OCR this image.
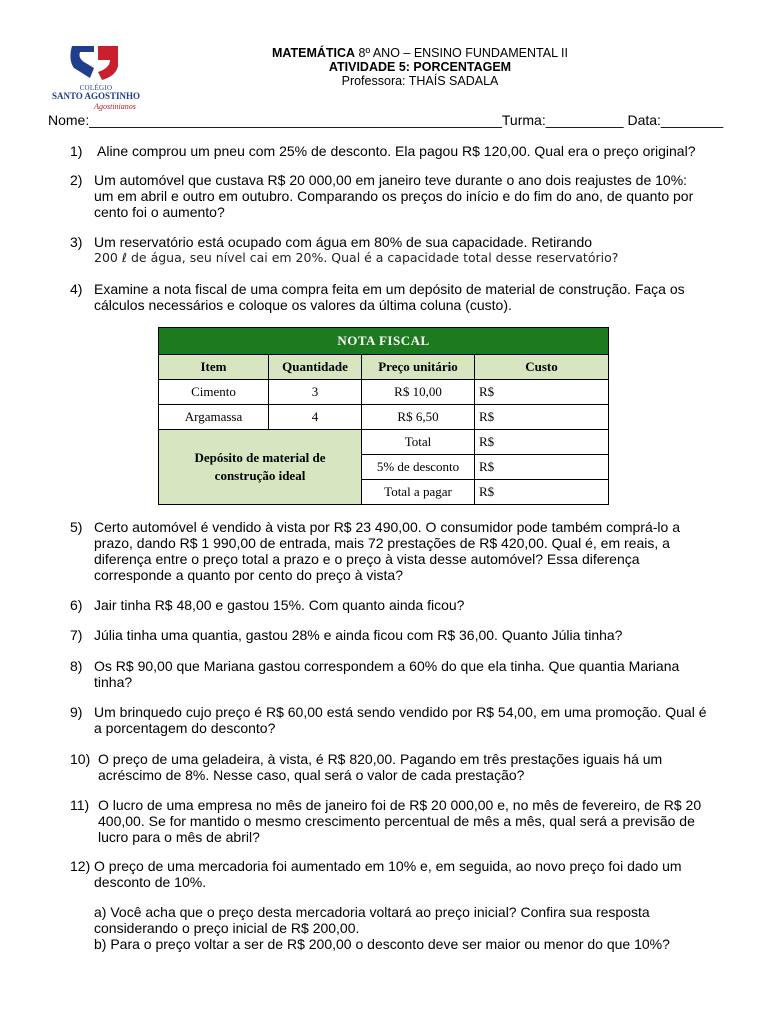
COLÉGIO
SANTO AGOSTINHO
Agostinianos
MATEMÁTICA 8º ANO – ENSINO FUNDAMENTAL II
ATIVIDADE 5: PORCENTAGEM
Professora: THAÍS SADALA
Nome:_____________________________________________________Turma:__________ Data:________
1) Aline comprou um pneu com 25% de desconto. Ela pagou R$ 120,00. Qual era o preço original?
2) Um automóvel que custava R$ 20 000,00 em janeiro teve durante o ano dois reajustes de 10%: um em abril e outro em outubro. Comparando os preços do início e do fim do ano, de quanto por cento foi o aumento?
3) Um reservatório está ocupado com água em 80% de sua capacidade. Retirando
200 ℓ de água, seu nível cai em 20%. Qual é a capacidade total desse reservatório?
4) Examine a nota fiscal de uma compra feita em um depósito de material de construção. Faça os cálculos necessários e coloque os valores da última coluna (custo).
NOTA FISCAL			
Item	Quantidade	Preço unitário	Custo
Cimento	3	R$ 10,00	R$
Argamassa	4	R$ 6,50	R$
Depósito de material de
construção ideal		Total	R$
		5% de desconto	R$
		Total a pagar	R$
5) Certo automóvel é vendido à vista por R$ 23 490,00. O consumidor pode também comprá-lo a prazo, dando R$ 1 990,00 de entrada, mais 72 prestações de R$ 420,00. Qual é, em reais, a diferença entre o preço total a prazo e o preço à vista desse automóvel? Essa diferença corresponde a quanto por cento do preço à vista?
6) Jair tinha R$ 48,00 e gastou 15%. Com quanto ainda ficou?
7) Júlia tinha uma quantia, gastou 28% e ainda ficou com R$ 36,00. Quanto Júlia tinha?
8) Os R$ 90,00 que Mariana gastou correspondem a 60% do que ela tinha. Que quantia Mariana tinha?
9) Um brinquedo cujo preço é R$ 60,00 está sendo vendido por R$ 54,00, em uma promoção. Qual é a porcentagem do desconto?
10) O preço de uma geladeira, à vista, é R$ 820,00. Pagando em três prestações iguais há um acréscimo de 8%. Nesse caso, qual será o valor de cada prestação?
11) O lucro de uma empresa no mês de janeiro foi de R$ 20 000,00 e, no mês de fevereiro, de R$ 20 400,00. Se for mantido o mesmo crescimento percentual de mês a mês, qual será a previsão de lucro para o mês de abril?
12) O preço de uma mercadoria foi aumentado em 10% e, em seguida, ao novo preço foi dado um desconto de 10%.
a) Você acha que o preço desta mercadoria voltará ao preço inicial? Confira sua resposta considerando o preço inicial de R$ 200,00.
b) Para o preço voltar a ser de R$ 200,00 o desconto deve ser maior ou menor do que 10%?
